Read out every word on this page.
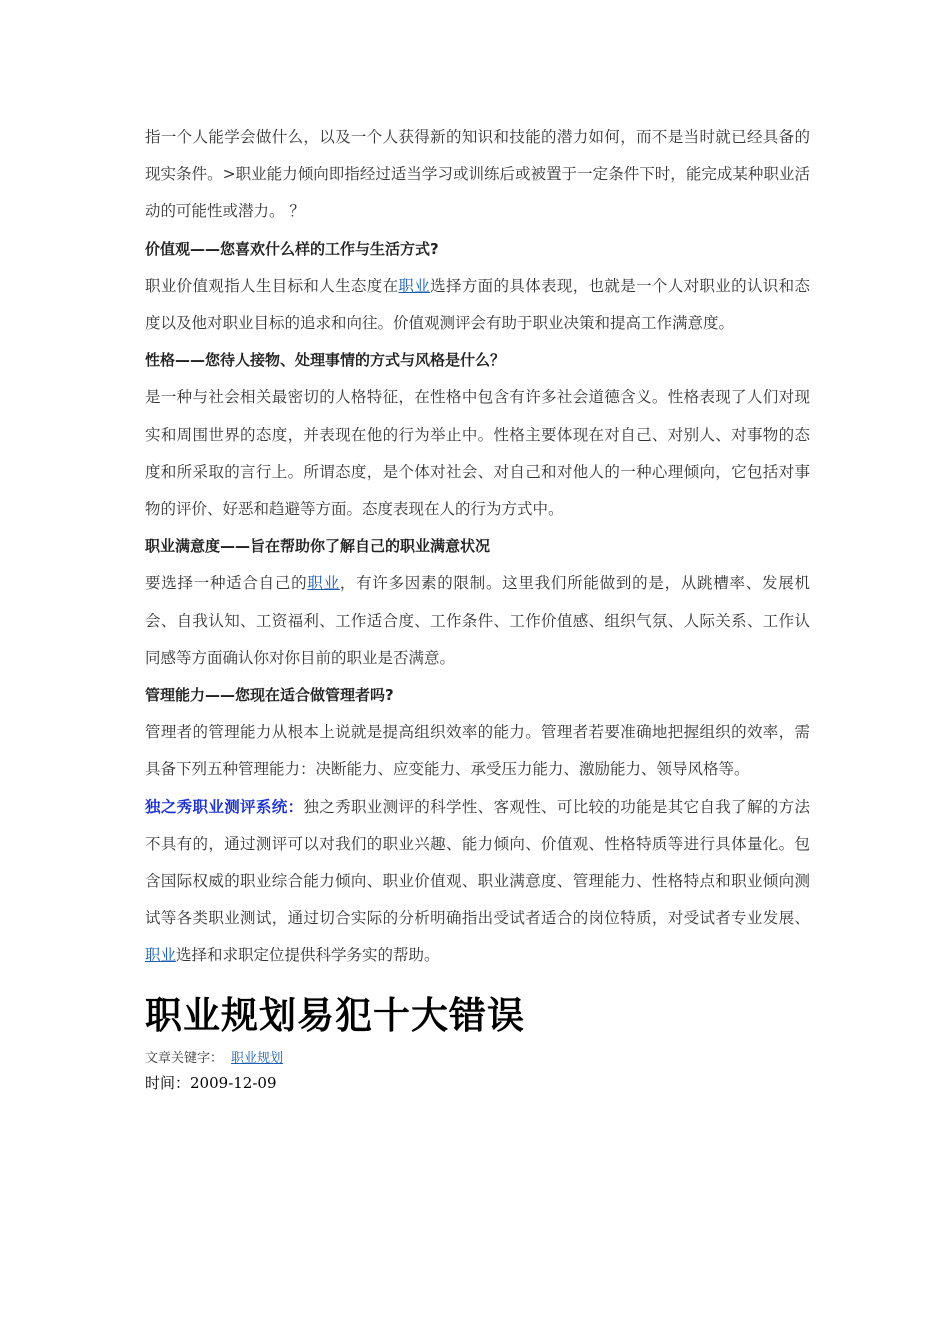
指一个人能学会做什么，以及一个人获得新的知识和技能的潜力如何，而不是当时就已经具备的现实条件。>职业能力倾向即指经过适当学习或训练后或被置于一定条件下时，能完成某种职业活动的可能性或潜力。 ？

价值观——您喜欢什么样的工作与生活方式?

职业价值观指人生目标和人生态度在职业选择方面的具体表现，也就是一个人对职业的认识和态度以及他对职业目标的追求和向往。价值观测评会有助于职业决策和提高工作满意度。

性格——您待人接物、处理事情的方式与风格是什么？

是一种与社会相关最密切的人格特征，在性格中包含有许多社会道德含义。性格表现了人们对现实和周围世界的态度，并表现在他的行为举止中。性格主要体现在对自己、对别人、对事物的态度和所采取的言行上。所谓态度，是个体对社会、对自己和对他人的一种心理倾向，它包括对事物的评价、好恶和趋避等方面。态度表现在人的行为方式中。

职业满意度——旨在帮助你了解自己的职业满意状况

要选择一种适合自己的职业，有许多因素的限制。这里我们所能做到的是，从跳槽率、发展机会、自我认知、工资福利、工作适合度、工作条件、工作价值感、组织气氛、人际关系、工作认同感等方面确认你对你目前的职业是否满意。

管理能力——您现在适合做管理者吗?

管理者的管理能力从根本上说就是提高组织效率的能力。管理者若要准确地把握组织的效率，需具备下列五种管理能力：决断能力、应变能力、承受压力能力、激励能力、领导风格等。

独之秀职业测评系统：独之秀职业测评的科学性、客观性、可比较的功能是其它自我了解的方法不具有的，通过测评可以对我们的职业兴趣、能力倾向、价值观、性格特质等进行具体量化。包含国际权威的职业综合能力倾向、职业价值观、职业满意度、管理能力、性格特点和职业倾向测试等各类职业测试，通过切合实际的分析明确指出受试者适合的岗位特质，对受试者专业发展、职业选择和求职定位提供科学务实的帮助。

职业规划易犯十大错误
文章关键字： 职业规划
时间：2009-12-09
